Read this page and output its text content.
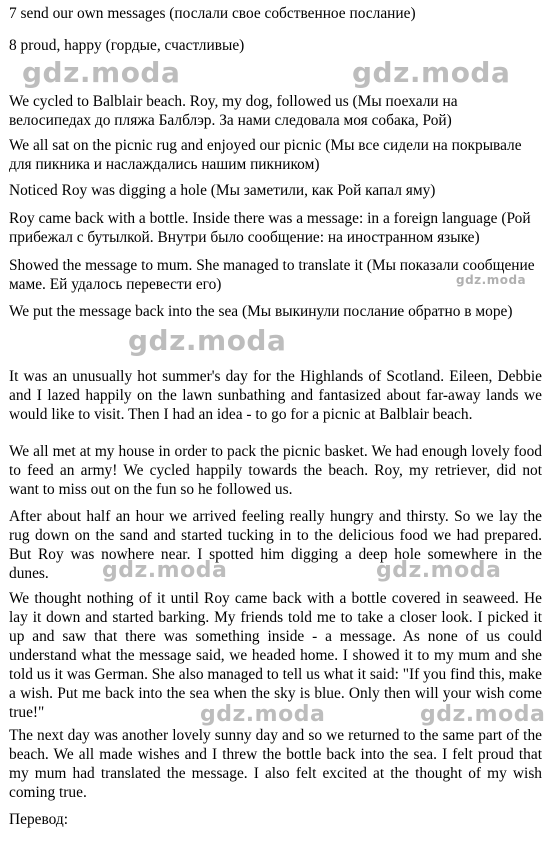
7 send our own messages (послали свое собственное послание)

8 proud, happy (гордые, счастливые)

gdz.moda	gdz.moda

We cycled to Balblair beach. Roy, my dog, followed us (Мы поехали на велосипедах до пляжа Балблэр. За нами следовала моя собака, Рой)

We all sat on the picnic rug and enjoyed our picnic (Мы все сидели на покрывале для пикника и наслаждались нашим пикником)

Noticed Roy was digging a hole (Мы заметили, как Рой капал яму)

Roy came back with a bottle. Inside there was a message: in a foreign language (Рой прибежал с бутылкой. Внутри было сообщение: на иностранном языке)

Showed the message to mum. She managed to translate it (Мы показали сообщение маме. Ей удалось перевести его)	gdz.moda

We put the message back into the sea (Мы выкинули послание обратно в море)

gdz.moda

It was an unusually hot summer's day for the Highlands of Scotland. Eileen, Debbie and I lazed happily on the lawn sunbathing and fantasized about far-away lands we would like to visit. Then I had an idea - to go for a picnic at Balblair beach.

We all met at my house in order to pack the picnic basket. We had enough lovely food to feed an army! We cycled happily towards the beach. Roy, my retriever, did not want to miss out on the fun so he followed us.

After about half an hour we arrived feeling really hungry and thirsty. So we lay the rug down on the sand and started tucking in to the delicious food we had prepared. But Roy was nowhere near. I spotted him digging a deep hole somewhere in the dunes.	gdz.moda	gdz.moda

We thought nothing of it until Roy came back with a bottle covered in seaweed. He lay it down and started barking. My friends told me to take a closer look. I picked it up and saw that there was something inside - a message. As none of us could understand what the message said, we headed home. I showed it to my mum and she told us it was German. She also managed to tell us what it said: "If you find this, make a wish. Put me back into the sea when the sky is blue. Only then will your wish come true!"	gdz.moda	gdz.moda

The next day was another lovely sunny day and so we returned to the same part of the beach. We all made wishes and I threw the bottle back into the sea. I felt proud that my mum had translated the message. I also felt excited at the thought of my wish coming true.

Перевод:
